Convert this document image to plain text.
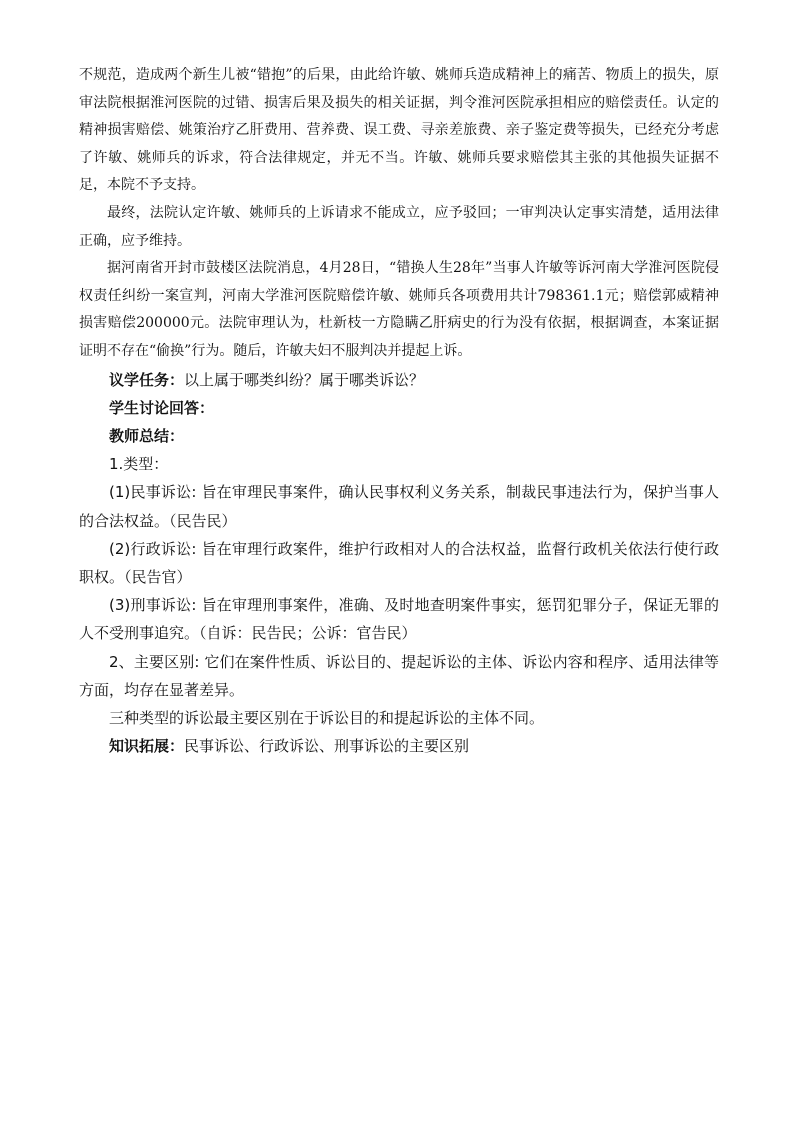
不规范，造成两个新生儿被“错抱”的后果，由此给许敏、姚师兵造成精神上的痛苦、物质上的损失，原审法院根据淮河医院的过错、损害后果及损失的相关证据，判令淮河医院承担相应的赔偿责任。认定的精神损害赔偿、姚策治疗乙肝费用、营养费、误工费、寻亲差旅费、亲子鉴定费等损失，已经充分考虑了许敏、姚师兵的诉求，符合法律规定，并无不当。许敏、姚师兵要求赔偿其主张的其他损失证据不足，本院不予支持。

最终，法院认定许敏、姚师兵的上诉请求不能成立，应予驳回；一审判决认定事实清楚，适用法律正确，应予维持。

据河南省开封市鼓楼区法院消息，4月28日，“错换人生28年”当事人许敏等诉河南大学淮河医院侵权责任纠纷一案宣判，河南大学淮河医院赔偿许敏、姚师兵各项费用共计798361.1元；赔偿郭威精神损害赔偿200000元。法院审理认为，杜新枝一方隐瞒乙肝病史的行为没有依据，根据调查，本案证据证明不存在“偷换”行为。随后，许敏夫妇不服判决并提起上诉。

议学任务：以上属于哪类纠纷？属于哪类诉讼？

学生讨论回答：

教师总结：

1.类型：

(1)民事诉讼: 旨在审理民事案件，确认民事权利义务关系，制裁民事违法行为，保护当事人的合法权益。（民告民）

(2)行政诉讼: 旨在审理行政案件，维护行政相对人的合法权益，监督行政机关依法行使行政职权。（民告官）

(3)刑事诉讼: 旨在审理刑事案件，准确、及时地查明案件事实，惩罚犯罪分子，保证无罪的人不受刑事追究。（自诉：民告民；公诉：官告民）

2、主要区别: 它们在案件性质、诉讼目的、提起诉讼的主体、诉讼内容和程序、适用法律等方面，均存在显著差异。

三种类型的诉讼最主要区别在于诉讼目的和提起诉讼的主体不同。

知识拓展：民事诉讼、行政诉讼、刑事诉讼的主要区别
